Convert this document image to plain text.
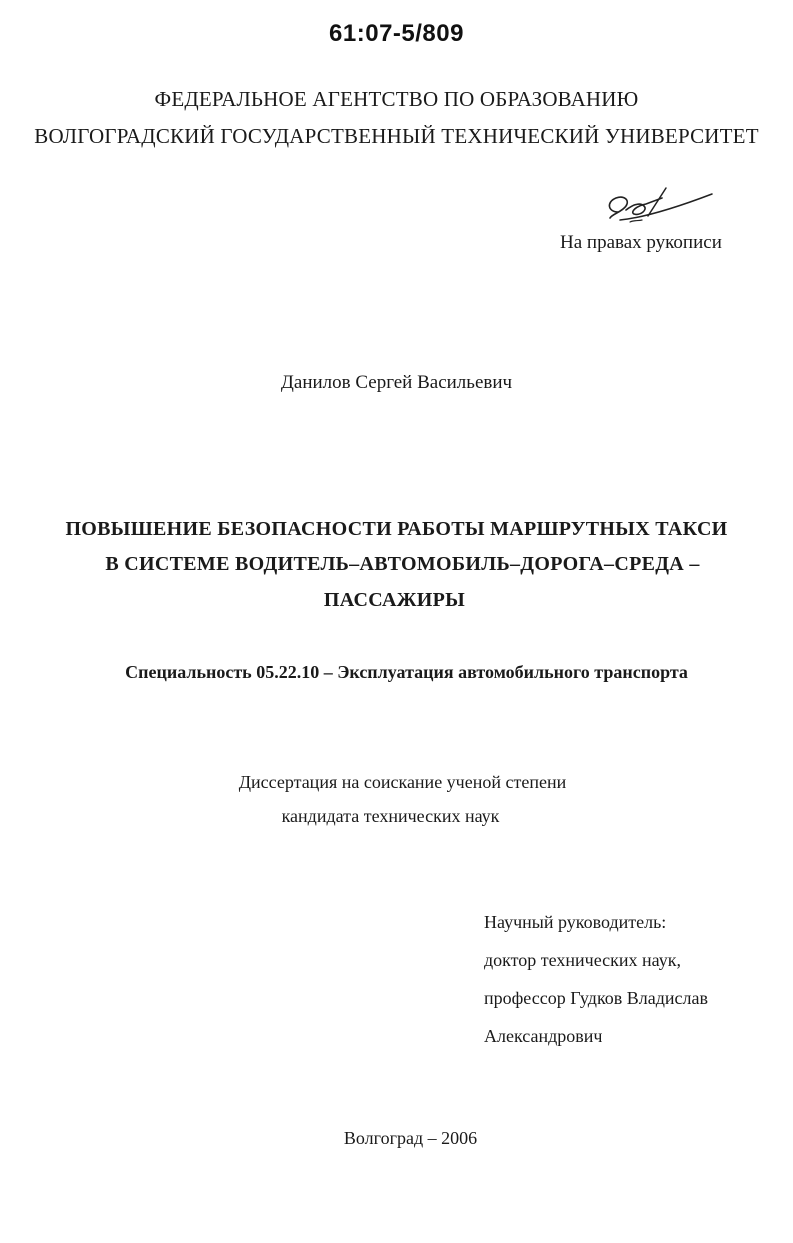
61:07-5/809
ФЕДЕРАЛЬНОЕ АГЕНТСТВО ПО ОБРАЗОВАНИЮ
ВОЛГОГРАДСКИЙ ГОСУДАРСТВЕННЫЙ ТЕХНИЧЕСКИЙ УНИВЕРСИТЕТ
На правах рукописи
Данилов Сергей Васильевич
ПОВЫШЕНИЕ БЕЗОПАСНОСТИ РАБОТЫ МАРШРУТНЫХ ТАКСИ
В СИСТЕМЕ ВОДИТЕЛЬ–АВТОМОБИЛЬ–ДОРОГА–СРЕДА –
ПАССАЖИРЫ
Специальность 05.22.10 – Эксплуатация автомобильного транспорта
Диссертация на соискание ученой степени
кандидата технических наук
Научный руководитель:
доктор технических наук,
профессор Гудков Владислав
Александрович
Волгоград – 2006
